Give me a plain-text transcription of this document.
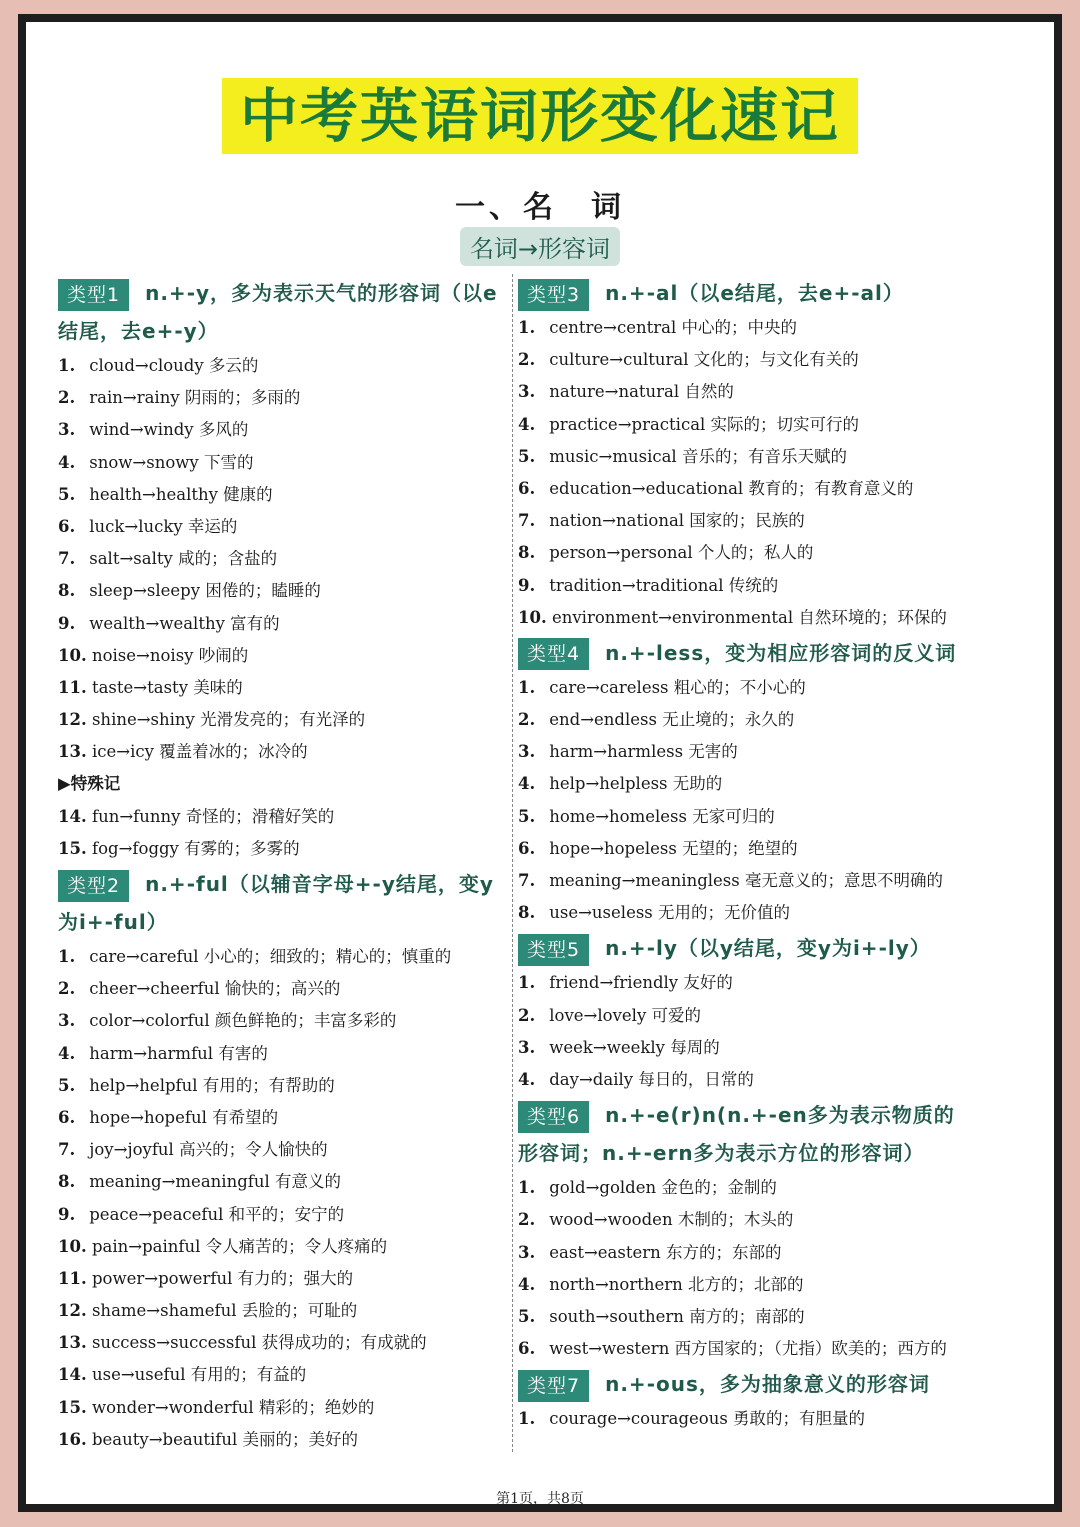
中考英语词形变化速记
一、名　词
名词→形容词
类型1 n.+-y，多为表示天气的形容词（以e结尾，去e+-y）
1. cloud→cloudy 多云的
2. rain→rainy 阴雨的；多雨的
3. wind→windy 多风的
4. snow→snowy 下雪的
5. health→healthy 健康的
6. luck→lucky 幸运的
7. salt→salty 咸的；含盐的
8. sleep→sleepy 困倦的；瞌睡的
9. wealth→wealthy 富有的
10. noise→noisy 吵闹的
11. taste→tasty 美味的
12. shine→shiny 光滑发亮的；有光泽的
13. ice→icy 覆盖着冰的；冰冷的
▶特殊记
14. fun→funny 奇怪的；滑稽好笑的
15. fog→foggy 有雾的；多雾的
类型2 n.+-ful（以辅音字母+-y结尾，变y为i+-ful）
1. care→careful 小心的；细致的；精心的；慎重的
2. cheer→cheerful 愉快的；高兴的
3. color→colorful 颜色鲜艳的；丰富多彩的
4. harm→harmful 有害的
5. help→helpful 有用的；有帮助的
6. hope→hopeful 有希望的
7. joy→joyful 高兴的；令人愉快的
8. meaning→meaningful 有意义的
9. peace→peaceful 和平的；安宁的
10. pain→painful 令人痛苦的；令人疼痛的
11. power→powerful 有力的；强大的
12. shame→shameful 丢脸的；可耻的
13. success→successful 获得成功的；有成就的
14. use→useful 有用的；有益的
15. wonder→wonderful 精彩的；绝妙的
16. beauty→beautiful 美丽的；美好的
类型3 n.+-al（以e结尾，去e+-al）
1. centre→central 中心的；中央的
2. culture→cultural 文化的；与文化有关的
3. nature→natural 自然的
4. practice→practical 实际的；切实可行的
5. music→musical 音乐的；有音乐天赋的
6. education→educational 教育的；有教育意义的
7. nation→national 国家的；民族的
8. person→personal 个人的；私人的
9. tradition→traditional 传统的
10. environment→environmental 自然环境的；环保的
类型4 n.+-less，变为相应形容词的反义词
1. care→careless 粗心的；不小心的
2. end→endless 无止境的；永久的
3. harm→harmless 无害的
4. help→helpless 无助的
5. home→homeless 无家可归的
6. hope→hopeless 无望的；绝望的
7. meaning→meaningless 毫无意义的；意思不明确的
8. use→useless 无用的；无价值的
类型5 n.+-ly（以y结尾，变y为i+-ly）
1. friend→friendly 友好的
2. love→lovely 可爱的
3. week→weekly 每周的
4. day→daily 每日的，日常的
类型6 n.+-e(r)n(n.+-en多为表示物质的形容词；n.+-ern多为表示方位的形容词）
1. gold→golden 金色的；金制的
2. wood→wooden 木制的；木头的
3. east→eastern 东方的；东部的
4. north→northern 北方的；北部的
5. south→southern 南方的；南部的
6. west→western 西方国家的；（尤指）欧美的；西方的
类型7 n.+-ous，多为抽象意义的形容词
1. courage→courageous 勇敢的；有胆量的
第1页，共8页
